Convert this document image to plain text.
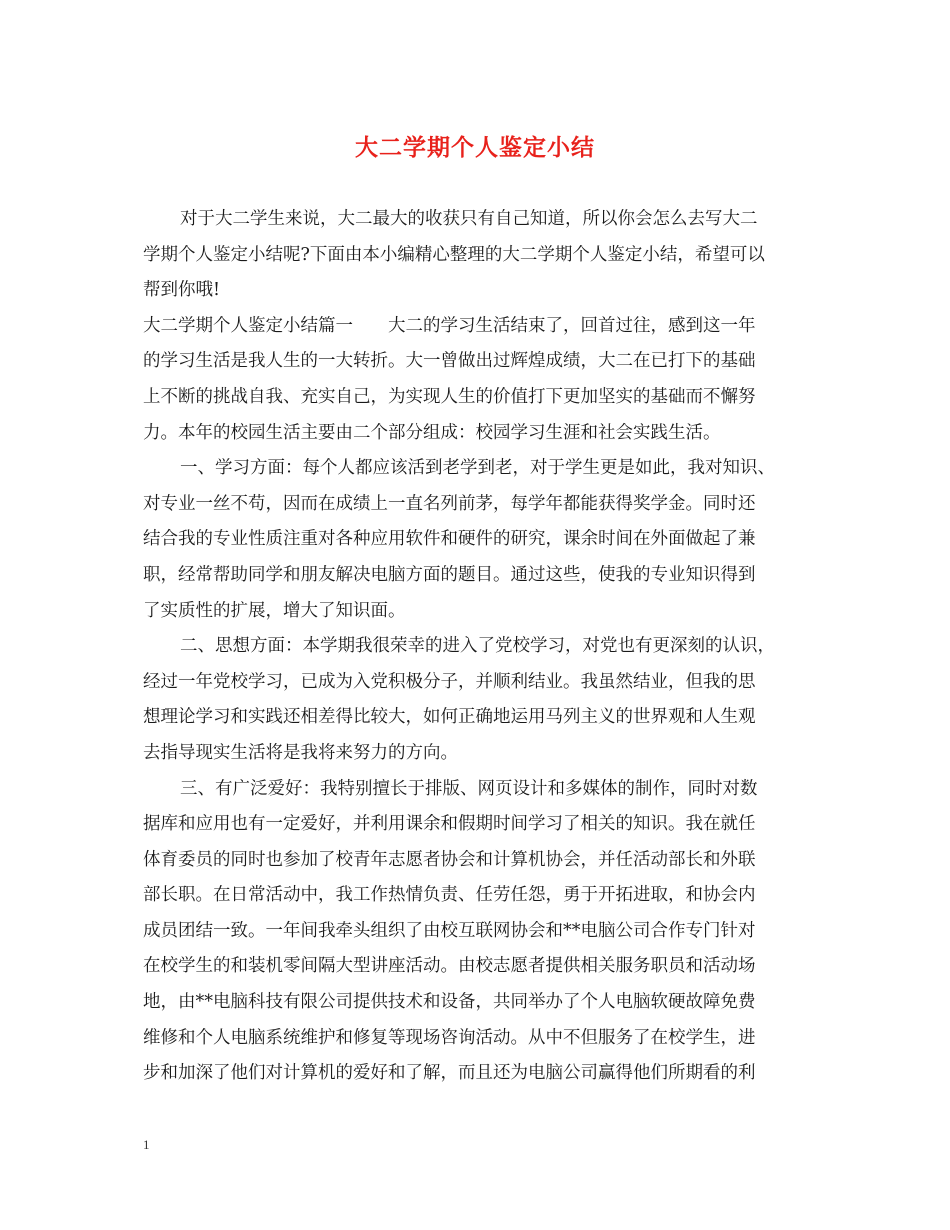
大二学期个人鉴定小结
对于大二学生来说，大二最大的收获只有自己知道，所以你会怎么去写大二
学期个人鉴定小结呢?下面由本小编精心整理的大二学期个人鉴定小结，希望可以
帮到你哦!
大二学期个人鉴定小结篇一　　大二的学习生活结束了，回首过往，感到这一年
的学习生活是我人生的一大转折。大一曾做出过辉煌成绩，大二在已打下的基础
上不断的挑战自我、充实自己，为实现人生的价值打下更加坚实的基础而不懈努
力。本年的校园生活主要由二个部分组成：校园学习生涯和社会实践生活。
一、学习方面：每个人都应该活到老学到老，对于学生更是如此，我对知识、
对专业一丝不苟，因而在成绩上一直名列前茅，每学年都能获得奖学金。同时还
结合我的专业性质注重对各种应用软件和硬件的研究，课余时间在外面做起了兼
职，经常帮助同学和朋友解决电脑方面的题目。通过这些，使我的专业知识得到
了实质性的扩展，增大了知识面。
二、思想方面：本学期我很荣幸的进入了党校学习，对党也有更深刻的认识，
经过一年党校学习，已成为入党积极分子，并顺利结业。我虽然结业，但我的思
想理论学习和实践还相差得比较大，如何正确地运用马列主义的世界观和人生观
去指导现实生活将是我将来努力的方向。
三、有广泛爱好：我特别擅长于排版、网页设计和多媒体的制作，同时对数
据库和应用也有一定爱好，并利用课余和假期时间学习了相关的知识。我在就任
体育委员的同时也参加了校青年志愿者协会和计算机协会，并任活动部长和外联
部长职。在日常活动中，我工作热情负责、任劳任怨，勇于开拓进取，和协会内
成员团结一致。一年间我牵头组织了由校互联网协会和**电脑公司合作专门针对
在校学生的和装机零间隔大型讲座活动。由校志愿者提供相关服务职员和活动场
地，由**电脑科技有限公司提供技术和设备，共同举办了个人电脑软硬故障免费
维修和个人电脑系统维护和修复等现场咨询活动。从中不但服务了在校学生，进
步和加深了他们对计算机的爱好和了解，而且还为电脑公司赢得他们所期看的利
1
